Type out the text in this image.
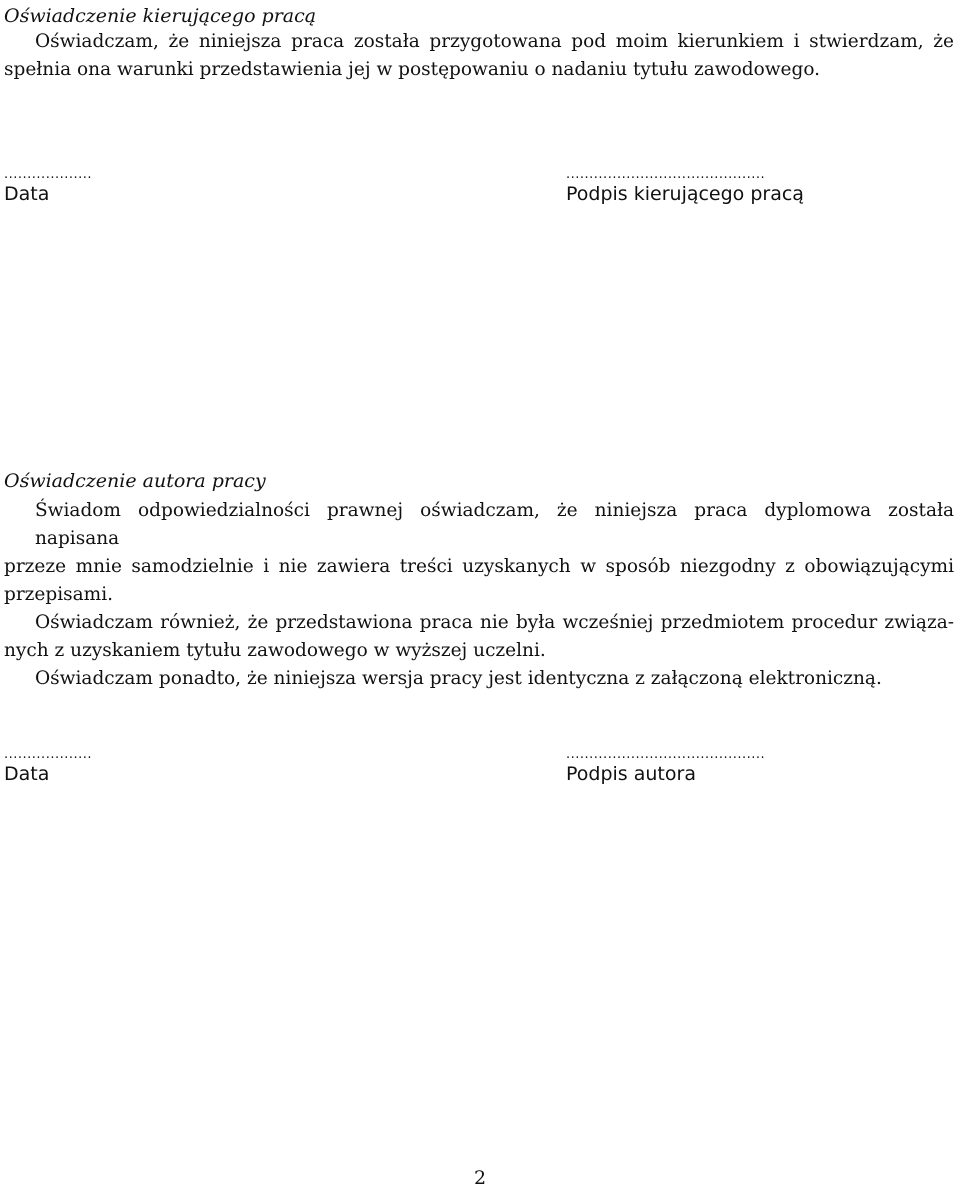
Oświadczenie kierującego pracą
Oświadczam, że niniejsza praca została przygotowana pod moim kierunkiem i stwierdzam, że
spełnia ona warunki przedstawienia jej w postępowaniu o nadaniu tytułu zawodowego.
...................
Data
...........................................
Podpis kierującego pracą
Oświadczenie autora pracy
Świadom odpowiedzialności prawnej oświadczam, że niniejsza praca dyplomowa została napisana
przeze mnie samodzielnie i nie zawiera treści uzyskanych w sposób niezgodny z obowiązującymi
przepisami.
Oświadczam również, że przedstawiona praca nie była wcześniej przedmiotem procedur związa-
nych z uzyskaniem tytułu zawodowego w wyższej uczelni.
Oświadczam ponadto, że niniejsza wersja pracy jest identyczna z załączoną elektroniczną.
...................
Data
...........................................
Podpis autora
2
